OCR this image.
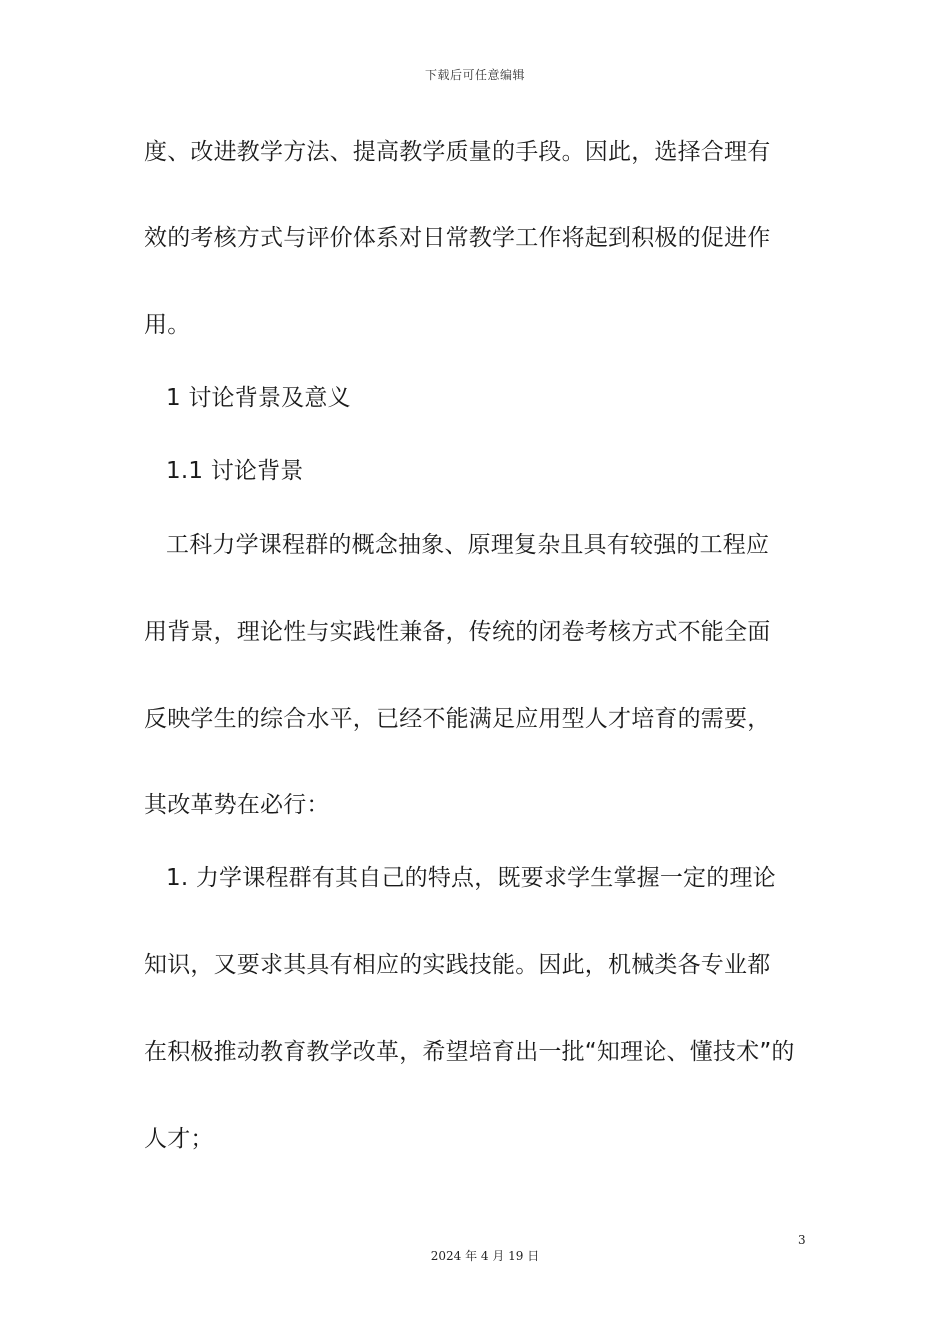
下载后可任意编辑
度、改进教学方法、提高教学质量的手段。因此，选择合理有
效的考核方式与评价体系对日常教学工作将起到积极的促进作
用。
1 讨论背景及意义
1.1 讨论背景
工科力学课程群的概念抽象、原理复杂且具有较强的工程应
用背景，理论性与实践性兼备，传统的闭卷考核方式不能全面
反映学生的综合水平，已经不能满足应用型人才培育的需要，
其改革势在必行：
1. 力学课程群有其自己的特点，既要求学生掌握一定的理论
知识，又要求其具有相应的实践技能。因此，机械类各专业都
在积极推动教育教学改革，希望培育出一批“知理论、懂技术”的
人才；
3
2024 年 4 月 19 日
